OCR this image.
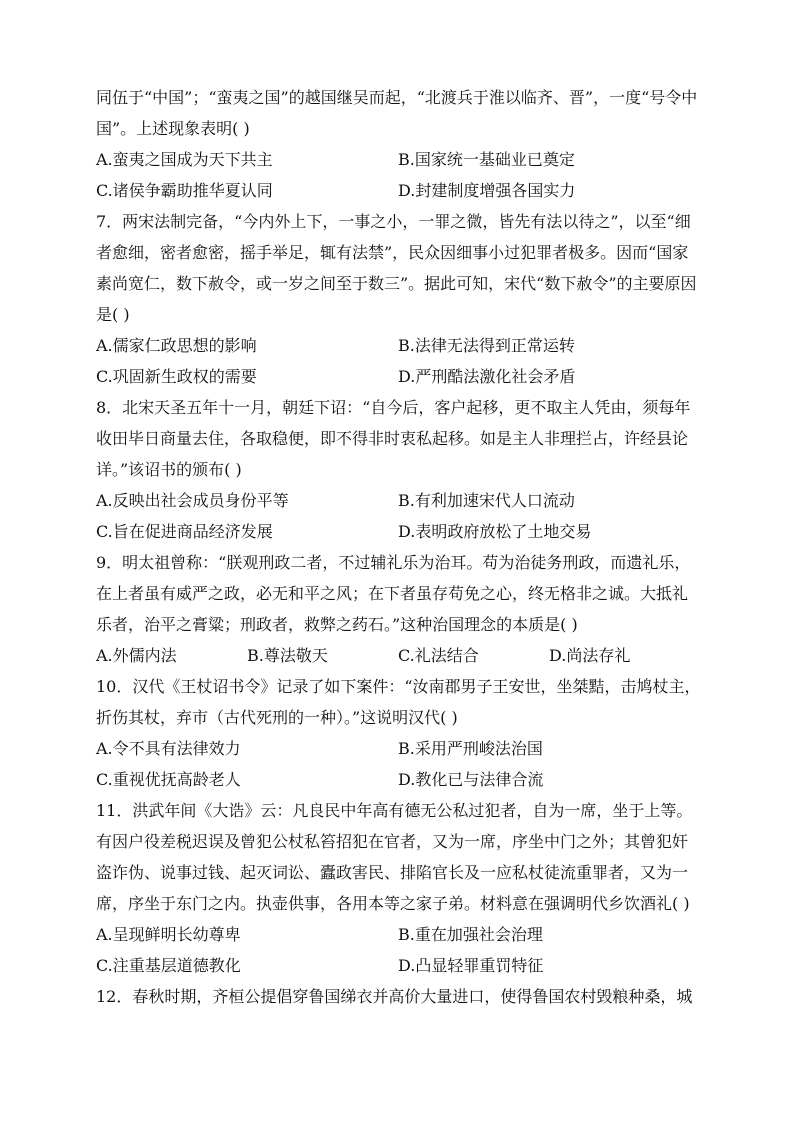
同伍于“中国”；“蛮夷之国”的越国继吴而起，“北渡兵于淮以临齐、晋”，一度“号令中
国”。上述现象表明( )
A.蛮夷之国成为天下共主	B.国家统一基础业已奠定
C.诸侯争霸助推华夏认同	D.封建制度增强各国实力
7．两宋法制完备，“今内外上下，一事之小，一罪之微，皆先有法以待之”，以至“细
者愈细，密者愈密，摇手举足，辄有法禁”，民众因细事小过犯罪者极多。因而“国家
素尚宽仁，数下赦令，或一岁之间至于数三”。据此可知，宋代“数下赦令”的主要原因
是( )
A.儒家仁政思想的影响	B.法律无法得到正常运转
C.巩固新生政权的需要	D.严刑酷法激化社会矛盾
8．北宋天圣五年十一月，朝廷下诏：“自今后，客户起移，更不取主人凭由，须每年
收田毕日商量去住，各取稳便，即不得非时衷私起移。如是主人非理拦占，许经县论
详。”该诏书的颁布( )
A.反映出社会成员身份平等	B.有利加速宋代人口流动
C.旨在促进商品经济发展	D.表明政府放松了土地交易
9．明太祖曾称：“朕观刑政二者，不过辅礼乐为治耳。苟为治徒务刑政，而遗礼乐，
在上者虽有威严之政，必无和平之风；在下者虽存苟免之心，终无格非之诚。大抵礼
乐者，治平之膏粱；刑政者，救弊之药石。”这种治国理念的本质是( )
A.外儒内法	B.尊法敬天	C.礼法结合	D.尚法存礼
10．汉代《王杖诏书令》记录了如下案件：“汝南郡男子王安世，坐桀黠，击鸠杖主，
折伤其杖，弃市（古代死刑的一种）。”这说明汉代( )
A.令不具有法律效力	B.采用严刑峻法治国
C.重视优抚高龄老人	D.教化已与法律合流
11．洪武年间《大诰》云：凡良民中年高有德无公私过犯者，自为一席，坐于上等。
有因户役差税迟误及曾犯公杖私笞招犯在官者，又为一席，序坐中门之外；其曾犯奸
盗诈伪、说事过钱、起灭词讼、蠹政害民、排陷官长及一应私杖徒流重罪者，又为一
席，序坐于东门之内。执壶供事，各用本等之家子弟。材料意在强调明代乡饮酒礼( )
A.呈现鲜明长幼尊卑	B.重在加强社会治理
C.注重基层道德教化	D.凸显轻罪重罚特征
12．春秋时期，齐桓公提倡穿鲁国绨衣并高价大量进口，使得鲁国农村毁粮种桑，城
